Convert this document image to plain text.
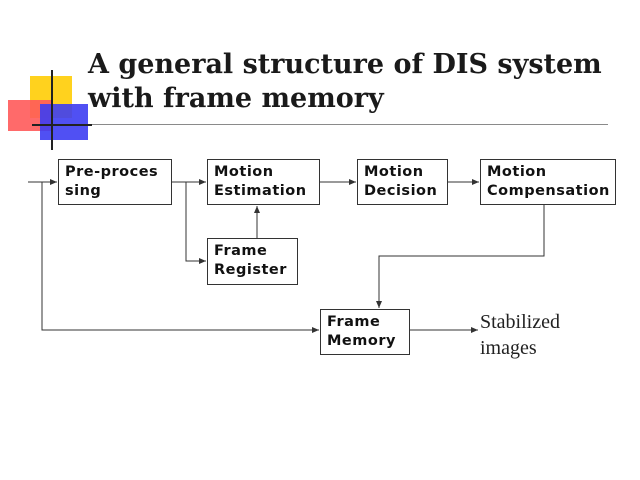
A general structure of DIS system with frame memory
Pre-proces
sing
Motion
Estimation
Motion
Decision
Motion
Compensation
Frame
Register
Frame
Memory
Stabilized
images
